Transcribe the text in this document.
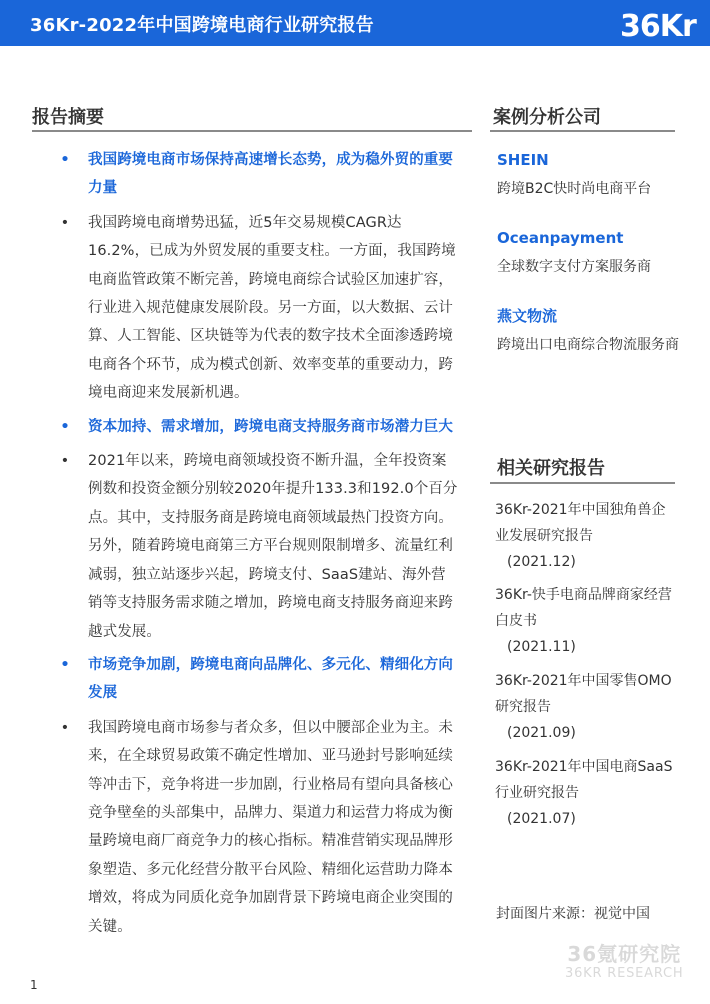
36Kr-2022年中国跨境电商行业研究报告	36Kr
报告摘要
• 我国跨境电商市场保持高速增长态势，成为稳外贸的重要力量
• 我国跨境电商增势迅猛，近5年交易规模CAGR达16.2%，已成为外贸发展的重要支柱。一方面，我国跨境电商监管政策不断完善，跨境电商综合试验区加速扩容，行业进入规范健康发展阶段。另一方面，以大数据、云计算、人工智能、区块链等为代表的数字技术全面渗透跨境电商各个环节，成为模式创新、效率变革的重要动力，跨境电商迎来发展新机遇。
• 资本加持、需求增加，跨境电商支持服务商市场潜力巨大
• 2021年以来，跨境电商领域投资不断升温，全年投资案例数和投资金额分别较2020年提升133.3和192.0个百分点。其中，支持服务商是跨境电商领域最热门投资方向。另外，随着跨境电商第三方平台规则限制增多、流量红利减弱，独立站逐步兴起，跨境支付、SaaS建站、海外营销等支持服务需求随之增加，跨境电商支持服务商迎来跨越式发展。
• 市场竞争加剧，跨境电商向品牌化、多元化、精细化方向发展
• 我国跨境电商市场参与者众多，但以中腰部企业为主。未来，在全球贸易政策不确定性增加、亚马逊封号影响延续等冲击下，竞争将进一步加剧，行业格局有望向具备核心竞争壁垒的头部集中，品牌力、渠道力和运营力将成为衡量跨境电商厂商竞争力的核心指标。精准营销实现品牌形象塑造、多元化经营分散平台风险、精细化运营助力降本增效，将成为同质化竞争加剧背景下跨境电商企业突围的关键。
案例分析公司
SHEIN
跨境B2C快时尚电商平台
Oceanpayment
全球数字支付方案服务商
燕文物流
跨境出口电商综合物流服务商
相关研究报告
36Kr-2021年中国独角兽企业发展研究报告
(2021.12)
36Kr-快手电商品牌商家经营白皮书
(2021.11)
36Kr-2021年中国零售OMO研究报告
(2021.09)
36Kr-2021年中国电商SaaS行业研究报告
(2021.07)
封面图片来源：视觉中国
36氪研究院
36KR RESEARCH
1
